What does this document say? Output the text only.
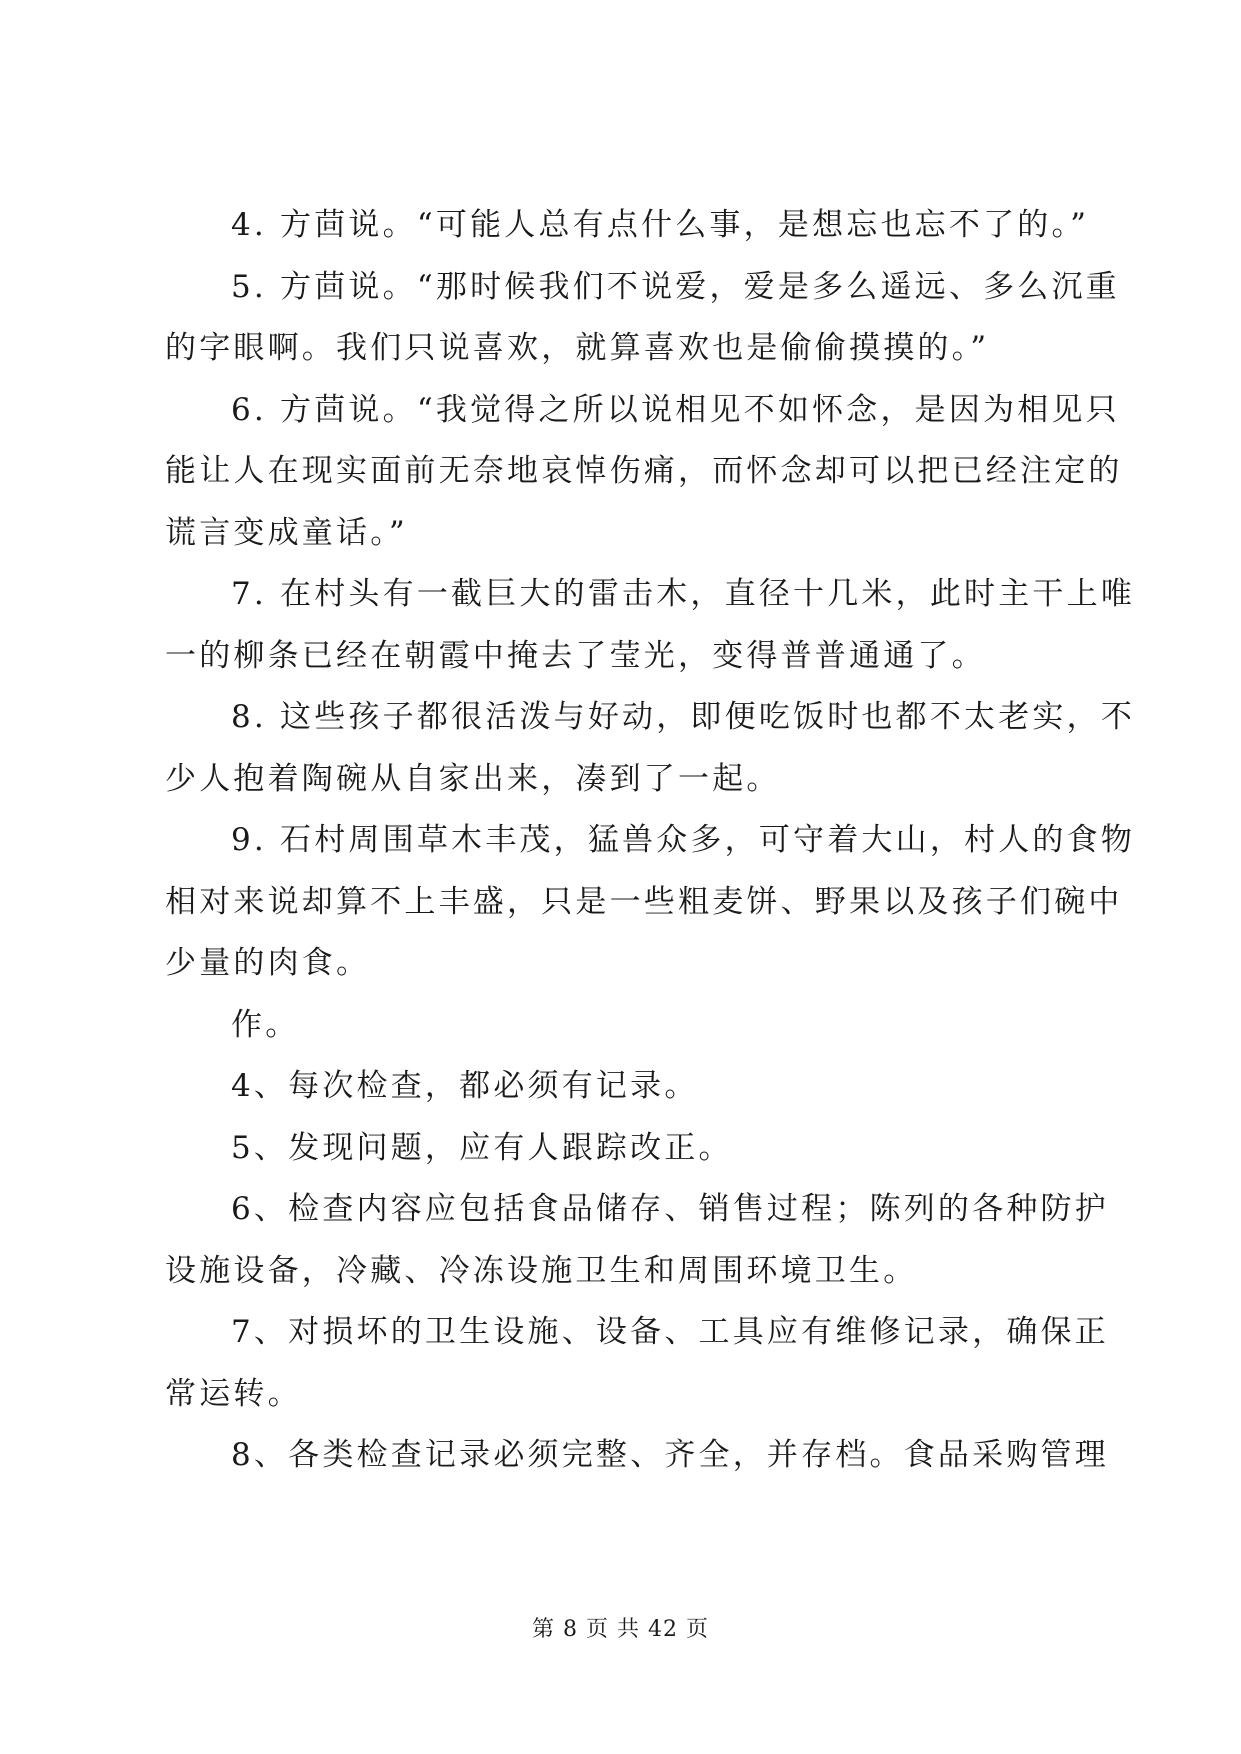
4. 方茴说。“可能人总有点什么事，是想忘也忘不了的。”
5. 方茴说。“那时候我们不说爱，爱是多么遥远、多么沉重
的字眼啊。我们只说喜欢，就算喜欢也是偷偷摸摸的。”
6. 方茴说。“我觉得之所以说相见不如怀念，是因为相见只
能让人在现实面前无奈地哀悼伤痛，而怀念却可以把已经注定的
谎言变成童话。”
7. 在村头有一截巨大的雷击木，直径十几米，此时主干上唯
一的柳条已经在朝霞中掩去了莹光，变得普普通通了。
8. 这些孩子都很活泼与好动，即便吃饭时也都不太老实，不
少人抱着陶碗从自家出来，凑到了一起。
9. 石村周围草木丰茂，猛兽众多，可守着大山，村人的食物
相对来说却算不上丰盛，只是一些粗麦饼、野果以及孩子们碗中
少量的肉食。
作。
4、每次检查，都必须有记录。
5、发现问题，应有人跟踪改正。
6、检查内容应包括食品储存、销售过程；陈列的各种防护
设施设备，冷藏、冷冻设施卫生和周围环境卫生。
7、对损坏的卫生设施、设备、工具应有维修记录，确保正
常运转。
8、各类检查记录必须完整、齐全，并存档。食品采购管理
第 8 页 共 42 页
